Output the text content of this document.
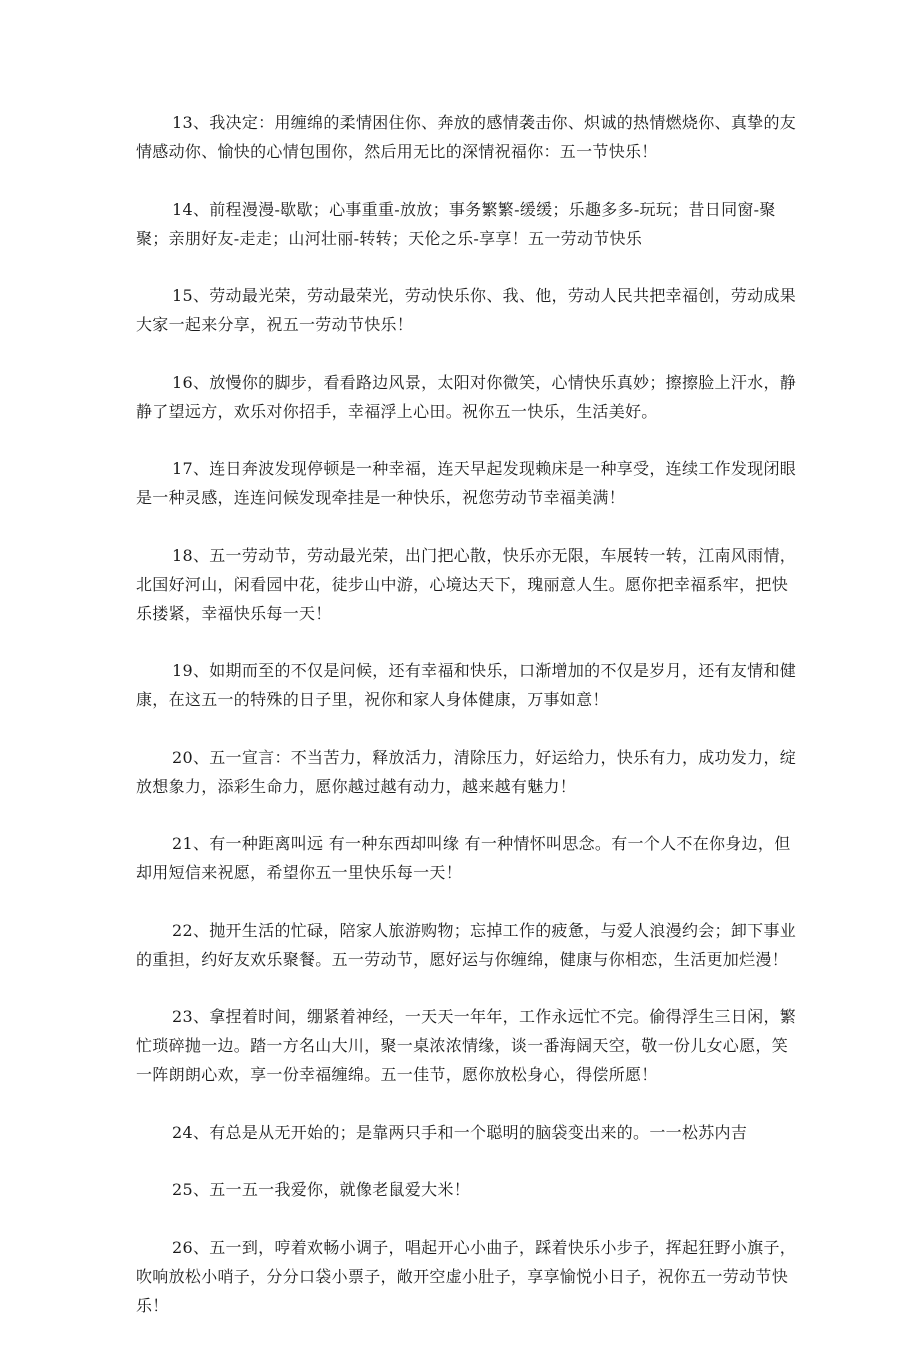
13、我决定：用缠绵的柔情困住你、奔放的感情袭击你、炽诚的热情燃烧你、真挚的友情感动你、愉快的心情包围你，然后用无比的深情祝福你：五一节快乐！

14、前程漫漫-歇歇；心事重重-放放；事务繁繁-缓缓；乐趣多多-玩玩；昔日同窗-聚聚；亲朋好友-走走；山河壮丽-转转；天伦之乐-享享！五一劳动节快乐

15、劳动最光荣，劳动最荣光，劳动快乐你、我、他，劳动人民共把幸福创，劳动成果大家一起来分享，祝五一劳动节快乐！

16、放慢你的脚步，看看路边风景，太阳对你微笑，心情快乐真妙；擦擦脸上汗水，静静了望远方，欢乐对你招手，幸福浮上心田。祝你五一快乐，生活美好。

17、连日奔波发现停顿是一种幸福，连天早起发现赖床是一种享受，连续工作发现闭眼是一种灵感，连连问候发现牵挂是一种快乐，祝您劳动节幸福美满！

18、五一劳动节，劳动最光荣，出门把心散，快乐亦无限，车展转一转，江南风雨情，北国好河山，闲看园中花，徒步山中游，心境达天下，瑰丽意人生。愿你把幸福系牢，把快乐搂紧，幸福快乐每一天！

19、如期而至的不仅是问候，还有幸福和快乐，口渐增加的不仅是岁月，还有友情和健康，在这五一的特殊的日子里，祝你和家人身体健康，万事如意！

20、五一宣言：不当苦力，释放活力，清除压力，好运给力，快乐有力，成功发力，绽放想象力，添彩生命力，愿你越过越有动力，越来越有魅力！

21、有一种距离叫远 有一种东西却叫缘 有一种情怀叫思念。有一个人不在你身边，但却用短信来祝愿，希望你五一里快乐每一天！

22、抛开生活的忙碌，陪家人旅游购物；忘掉工作的疲惫，与爱人浪漫约会；卸下事业的重担，约好友欢乐聚餐。五一劳动节，愿好运与你缠绵，健康与你相恋，生活更加烂漫！

23、拿捏着时间，绷紧着神经，一天天一年年，工作永远忙不完。偷得浮生三日闲，繁忙琐碎抛一边。踏一方名山大川，聚一桌浓浓情缘，谈一番海阔天空，敬一份儿女心愿，笑一阵朗朗心欢，享一份幸福缠绵。五一佳节，愿你放松身心，得偿所愿！

24、有总是从无开始的；是靠两只手和一个聪明的脑袋变出来的。一一松苏内吉

25、五一五一我爱你，就像老鼠爱大米！

26、五一到，哼着欢畅小调子，唱起开心小曲子，踩着快乐小步子，挥起狂野小旗子，吹响放松小哨子，分分口袋小票子，敞开空虚小肚子，享享愉悦小日子，祝你五一劳动节快乐！
